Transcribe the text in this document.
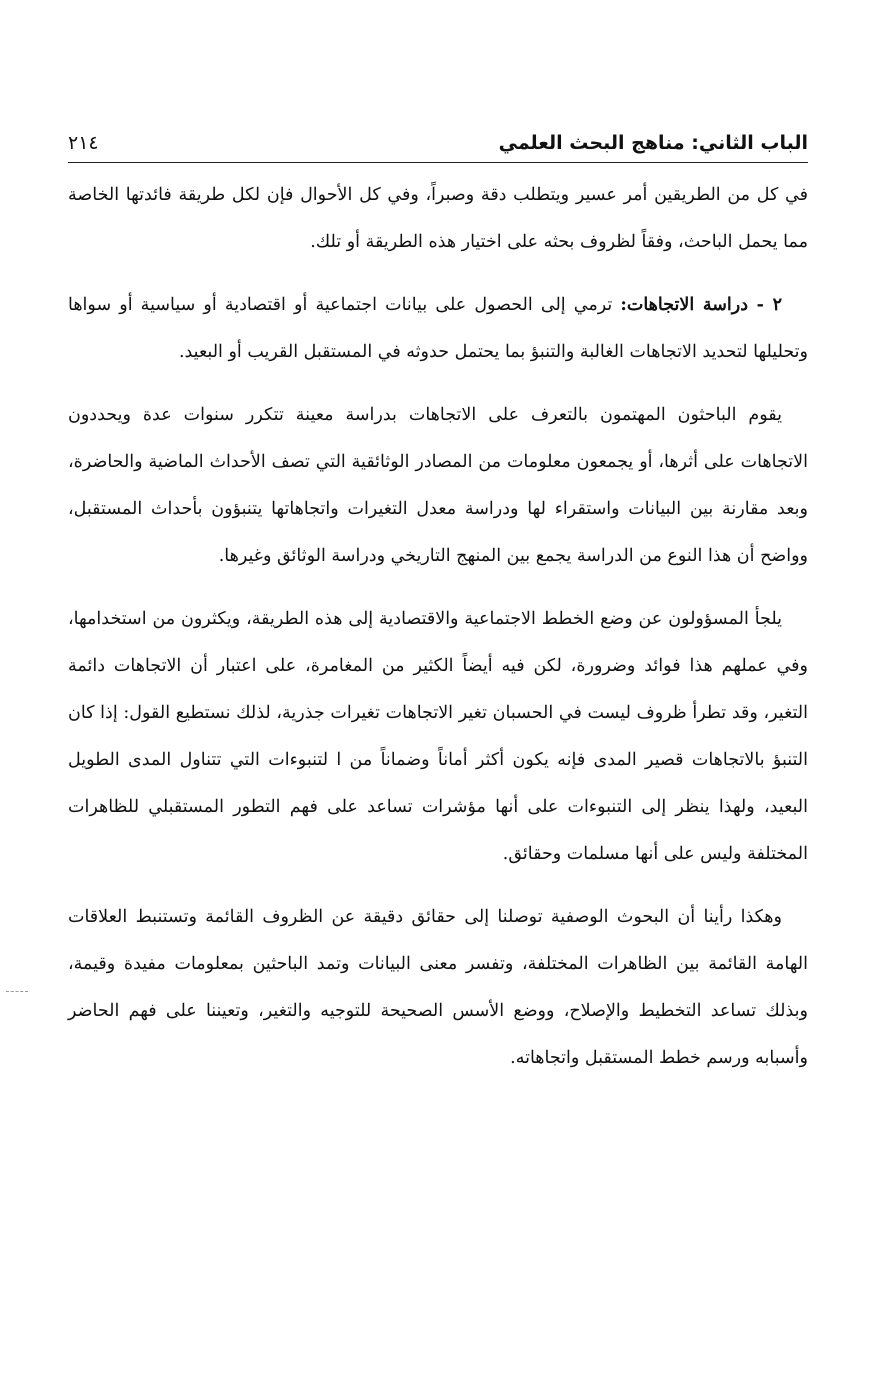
الباب الثاني: مناهج البحث العلمي
٢١٤

في كل من الطريقين أمر عسير ويتطلب دقة وصبراً، وفي كل الأحوال فإن لكل طريقة فائدتها الخاصة مما يحمل الباحث، وفقاً لظروف بحثه على اختيار هذه الطريقة أو تلك.

٢ - دراسة الاتجاهات: ترمي إلى الحصول على بيانات اجتماعية أو اقتصادية أو سياسية أو سواها وتحليلها لتحديد الاتجاهات الغالبة والتنبؤ بما يحتمل حدوثه في المستقبل القريب أو البعيد.

يقوم الباحثون المهتمون بالتعرف على الاتجاهات بدراسة معينة تتكرر سنوات عدة ويحددون الاتجاهات على أثرها، أو يجمعون معلومات من المصادر الوثائقية التي تصف الأحداث الماضية والحاضرة، وبعد مقارنة بين البيانات واستقراء لها ودراسة معدل التغيرات واتجاهاتها يتنبؤون بأحداث المستقبل، وواضح أن هذا النوع من الدراسة يجمع بين المنهج التاريخي ودراسة الوثائق وغيرها.

يلجأ المسؤولون عن وضع الخطط الاجتماعية والاقتصادية إلى هذه الطريقة، ويكثرون من استخدامها، وفي عملهم هذا فوائد وضرورة، لكن فيه أيضاً الكثير من المغامرة، على اعتبار أن الاتجاهات دائمة التغير، وقد تطرأ ظروف ليست في الحسبان تغير الاتجاهات تغيرات جذرية، لذلك نستطيع القول: إذا كان التنبؤ بالاتجاهات قصير المدى فإنه يكون أكثر أماناً وضماناً من ا لتنبوءات التي تتناول المدى الطويل البعيد، ولهذا ينظر إلى التنبوءات على أنها مؤشرات تساعد على فهم التطور المستقبلي للظاهرات المختلفة وليس على أنها مسلمات وحقائق.

وهكذا رأينا أن البحوث الوصفية توصلنا إلى حقائق دقيقة عن الظروف القائمة وتستنبط العلاقات الهامة القائمة بين الظاهرات المختلفة، وتفسر معنى البيانات وتمد الباحثين بمعلومات مفيدة وقيمة، وبذلك تساعد التخطيط والإصلاح، ووضع الأسس الصحيحة للتوجيه والتغير، وتعيننا على فهم الحاضر وأسبابه ورسم خطط المستقبل واتجاهاته.
